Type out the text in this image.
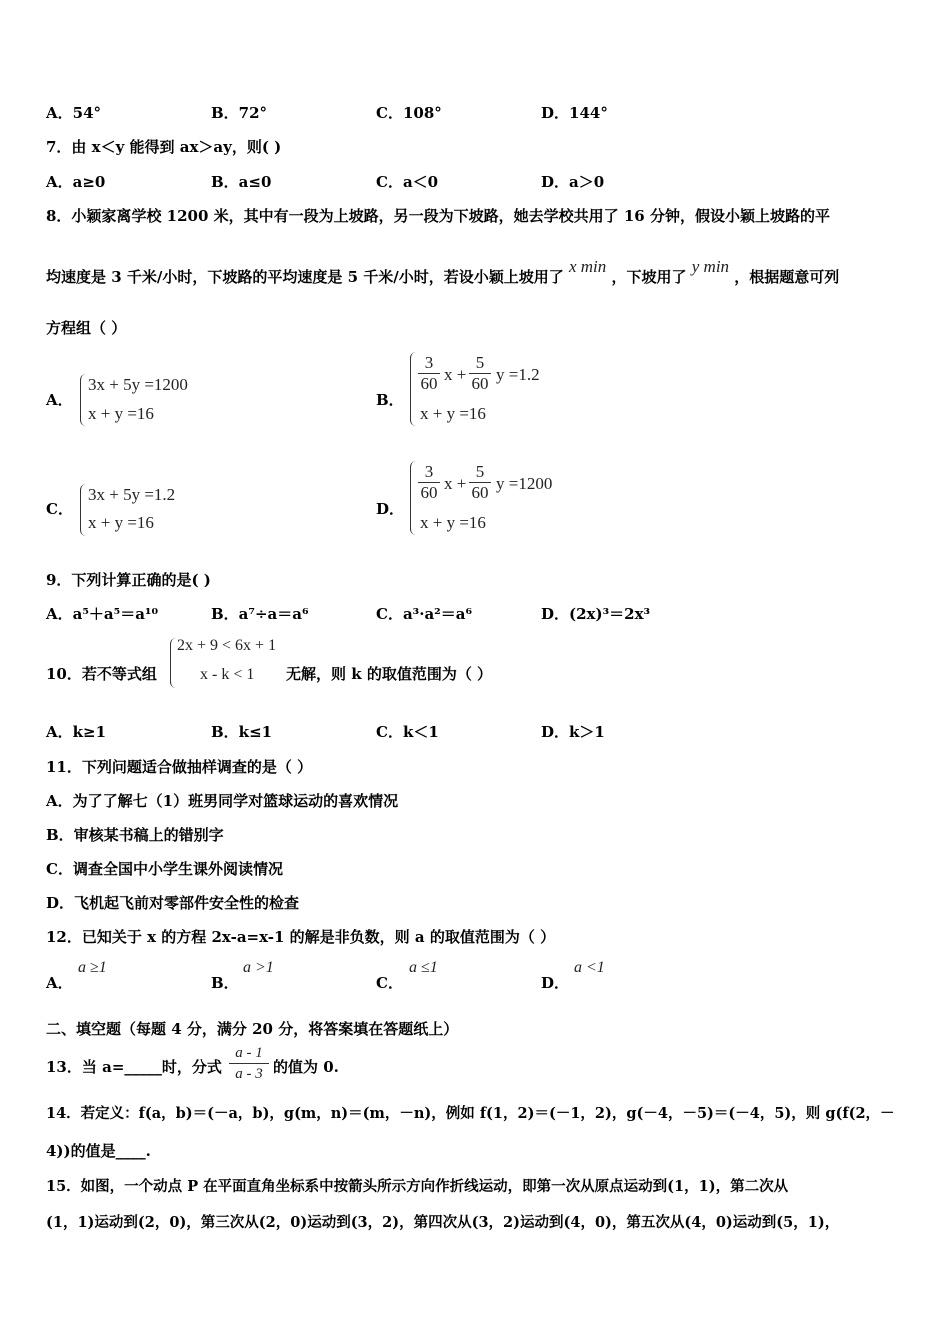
A．54°	B．72°	C．108°	D．144°
7．由 x＜y 能得到 ax＞ay，则( )
A．a≥0	B．a≤0	C．a＜0	D．a＞0
8．小颖家离学校 1200 米，其中有一段为上坡路，另一段为下坡路，她去学校共用了 16 分钟，假设小颖上坡路的平
均速度是 3 千米/小时，下坡路的平均速度是 5 千米/小时，若设小颖上坡用了 x min ，下坡用了 y min ，根据题意可列
方程组（ ）
A．
3x + 5y =1200
x + y =16
B．
3
60 x +
5
60 y =1.2
x + y =16
C．
3x + 5y =1.2
x + y =16
D．
3
60 x +
5
60 y =1200
x + y =16
9．下列计算正确的是( )
A．a⁵＋a⁵＝a¹⁰	B．a⁷÷a＝a⁶	C．a³·a²＝a⁶	D．(2x)³＝2x³
10．若不等式组
2x + 9 < 6x + 1
x - k < 1 无解，则 k 的取值范围为（ ）
A．k≥1	B．k≤1	C．k＜1	D．k＞1
11．下列问题适合做抽样调查的是（ ）
A．为了了解七（1）班男同学对篮球运动的喜欢情况
B．审核某书稿上的错别字
C．调查全国中小学生课外阅读情况
D．飞机起飞前对零部件安全性的检查
12．已知关于 x 的方程 2x-a=x-1 的解是非负数，则 a 的取值范围为（ ）
A．
a ≥1
B．
a >1
C．
a ≤1
D．
a <1
二、填空题（每题 4 分，满分 20 分，将答案填在答题纸上）
13．当 a=_____时，分式
a - 1
a - 3 的值为 0.
14．若定义：f(a，b)＝(－a，b)，g(m，n)＝(m，－n)，例如 f(1，2)＝(－1，2)，g(－4，－5)＝(－4，5)，则 g(f(2，－
4))的值是____.
15．如图，一个动点 P 在平面直角坐标系中按箭头所示方向作折线运动，即第一次从原点运动到(1，1)，第二次从
(1，1)运动到(2，0)，第三次从(2，0)运动到(3，2)，第四次从(3，2)运动到(4，0)，第五次从(4，0)运动到(5，1)，
